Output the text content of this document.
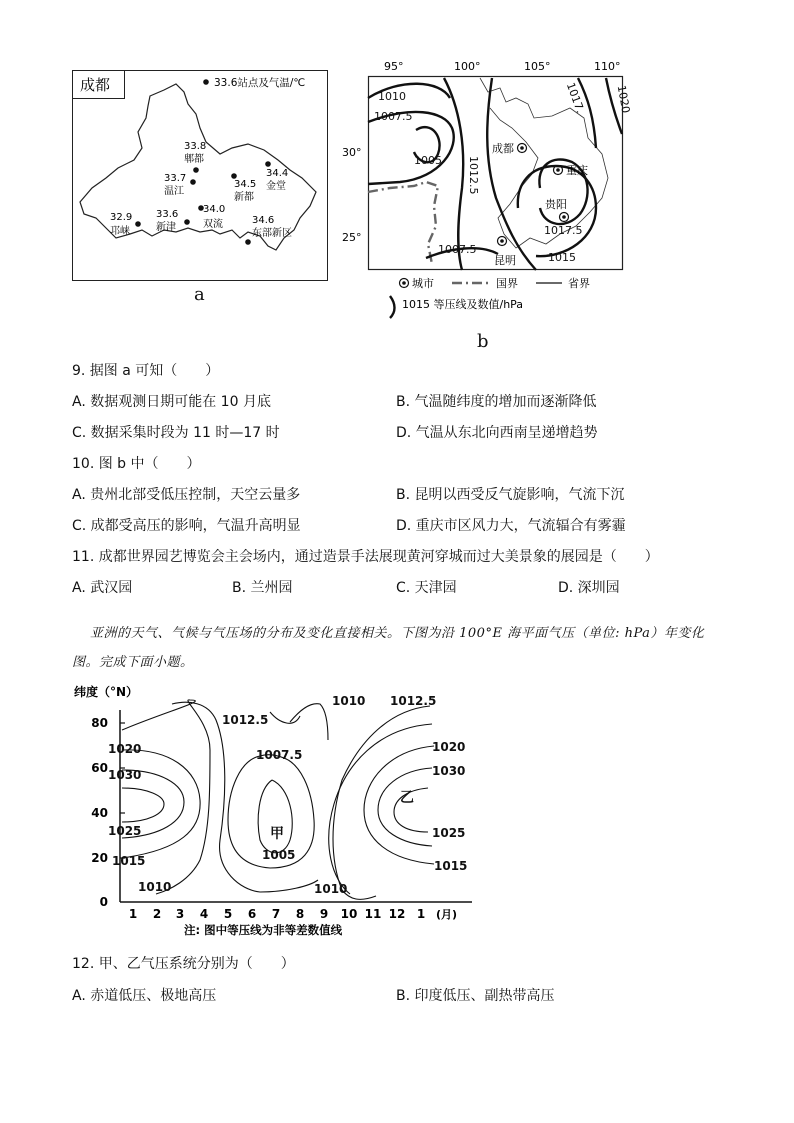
33.6站点及气温/℃
成都
33.8
郫都
33.7
温江
34.4
金堂
34.5
新都
34.0
双流
32.9
邛崃
33.6
新津
34.6
东部新区
a
95°	100°	105°	110°
30°
25°
1010
1007.5
1005 1012.5
1017.	1020
1007.5
1015
1017.5
成都
重庆
贵阳
昆明
城市	国界	省界
1015 等压线及数值/hPa
b
9. 据图 a 可知（　　）
A. 数据观测日期可能在 10 月底	B. 气温随纬度的增加而逐渐降低
C. 数据采集时段为 11 时—17 时	D. 气温从东北向西南呈递增趋势
10. 图 b 中（　　）
A. 贵州北部受低压控制，天空云量多	B. 昆明以西受反气旋影响，气流下沉
C. 成都受高压的影响，气温升高明显	D. 重庆市区风力大，气流辐合有雾霾
11. 成都世界园艺博览会主会场内，通过造景手法展现黄河穿城而过大美景象的展园是（　　）
A. 武汉园	B. 兰州园	C. 天津园	D. 深圳园
亚洲的天气、气候与气压场的分布及变化直接相关。下图为沿 100°E 海平面气压（单位: hPa）年变化
图。完成下面小题。
纬度（°N）
0
20
40
60
80
1 2 3 4 5 6 7 8 9 10 11 12 1 (月)
注: 图中等压线为非等差数值线
1020
1030
1025
1015
1010
1012.5
1010 1012.5
1007.5
甲
1005
1020
1030
乙
1025
1015
1010
12. 甲、乙气压系统分别为（　　）
A. 赤道低压、极地高压	B. 印度低压、副热带高压
